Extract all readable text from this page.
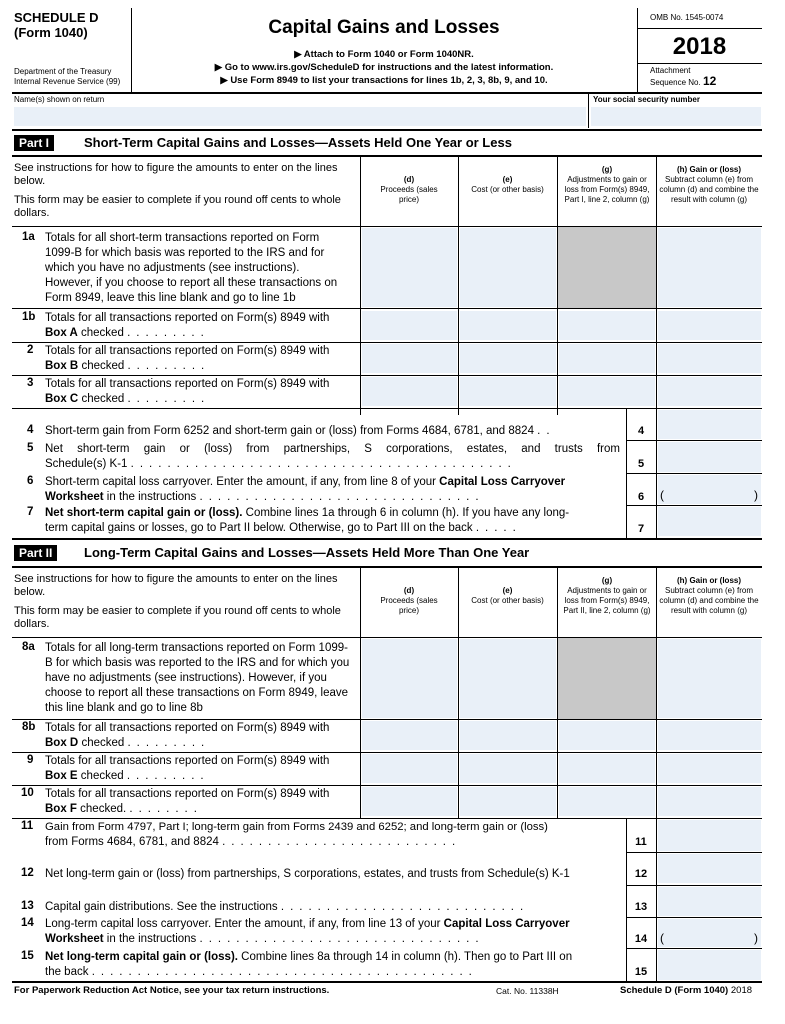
SCHEDULE D
(Form 1040)
Department of the Treasury
Internal Revenue Service (99)
Capital Gains and Losses
▶ Attach to Form 1040 or Form 1040NR.
▶ Go to www.irs.gov/ScheduleD for instructions and the latest information.
▶ Use Form 8949 to list your transactions for lines 1b, 2, 3, 8b, 9, and 10.
OMB No. 1545-0074
2018
Attachment
Sequence No. 12
Name(s) shown on return	Your social security number
Part I	Short-Term Capital Gains and Losses—Assets Held One Year or Less
See instructions for how to figure the amounts to enter on the lines below.
This form may be easier to complete if you round off cents to whole dollars.
(d)
Proceeds (sales price)
(e)
Cost (or other basis)
(g)
Adjustments to gain or loss from Form(s) 8949, Part I, line 2, column (g)
(h) Gain or (loss)
Subtract column (e) from column (d) and combine the result with column (g)
1a Totals for all short-term transactions reported on Form 1099-B for which basis was reported to the IRS and for which you have no adjustments (see instructions). However, if you choose to report all these transactions on Form 8949, leave this line blank and go to line 1b
1b Totals for all transactions reported on Form(s) 8949 with
Box A checked .........
2 Totals for all transactions reported on Form(s) 8949 with
Box B checked .........
3 Totals for all transactions reported on Form(s) 8949 with
Box C checked .........
4 Short-term gain from Form 6252 and short-term gain or (loss) from Forms 4684, 6781, and 8824 ..	4
5 Net short-term gain or (loss) from partnerships, S corporations, estates, and trusts from
Schedule(s) K-1 ..........................................	5
6 Short-term capital loss carryover. Enter the amount, if any, from line 8 of your Capital Loss Carryover
Worksheet in the instructions ...............................	6	(	)
7 Net short-term capital gain or (loss). Combine lines 1a through 6 in column (h). If you have any long-
term capital gains or losses, go to Part II below. Otherwise, go to Part III on the back .....	7
Part II	Long-Term Capital Gains and Losses—Assets Held More Than One Year
See instructions for how to figure the amounts to enter on the lines below.
This form may be easier to complete if you round off cents to whole dollars.
(d)
Proceeds (sales price)
(e)
Cost (or other basis)
(g)
Adjustments to gain or loss from Form(s) 8949, Part II, line 2, column (g)
(h) Gain or (loss)
Subtract column (e) from column (d) and combine the result with column (g)
8a Totals for all long-term transactions reported on Form 1099-B for which basis was reported to the IRS and for which you have no adjustments (see instructions). However, if you choose to report all these transactions on Form 8949, leave this line blank and go to line 8b
8b Totals for all transactions reported on Form(s) 8949 with
Box D checked .........
9 Totals for all transactions reported on Form(s) 8949 with
Box E checked .........
10 Totals for all transactions reported on Form(s) 8949 with
Box F checked. ........
11 Gain from Form 4797, Part I; long-term gain from Forms 2439 and 6252; and long-term gain or (loss)
from Forms 4684, 6781, and 8824 ..........................	11
12 Net long-term gain or (loss) from partnerships, S corporations, estates, and trusts from Schedule(s) K-1	12
13 Capital gain distributions. See the instructions ...........................	13
14 Long-term capital loss carryover. Enter the amount, if any, from line 13 of your Capital Loss Carryover
Worksheet in the instructions ...............................	14	(	)
15 Net long-term capital gain or (loss). Combine lines 8a through 14 in column (h). Then go to Part III on
the back ..........................................	15
For Paperwork Reduction Act Notice, see your tax return instructions.	Cat. No. 11338H	Schedule D (Form 1040) 2018
